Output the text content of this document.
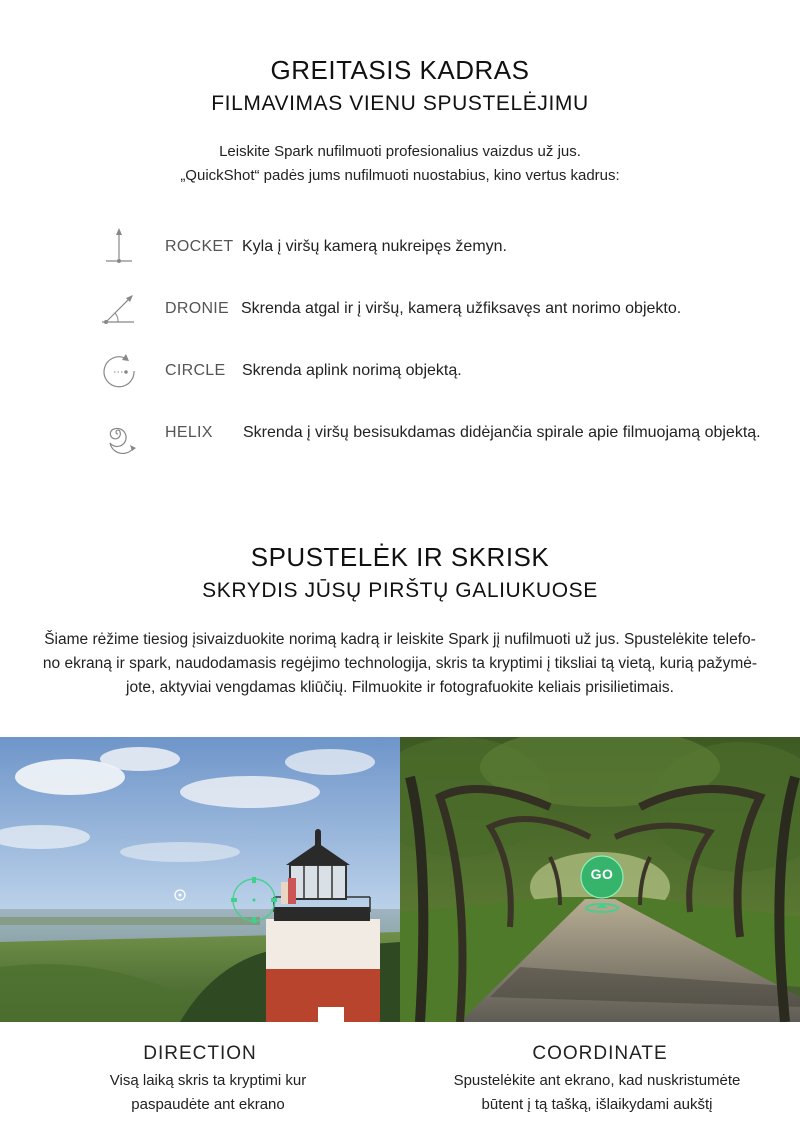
GREITASIS KADRAS
FILMAVIMAS VIENU SPUSTELĖJIMU
Leiskite Spark nufilmuoti profesionalius vaizdus už jus.
„QuickShot“ padės jums nufilmuoti nuostabius, kino vertus kadrus:
ROCKET Kyla į viršų kamerą nukreipęs žemyn.
DRONIE Skrenda atgal ir į viršų, kamerą užfiksavęs ant norimo objekto.
CIRCLE Skrenda aplink norimą objektą.
HELIX Skrenda į viršų besisukdamas didėjančia spirale apie filmuojamą objektą.
SPUSTELĖK IR SKRISK
SKRYDIS JŪSŲ PIRŠTŲ GALIUKUOSE
Šiame rėžime tiesiog įsivaizduokite norimą kadrą ir leiskite Spark jį nufilmuoti už jus. Spustelėkite telefo-
no ekraną ir spark, naudodamasis regėjimo technologija, skris ta kryptimi į tiksliai tą vietą, kurią pažymė-
jote, aktyviai vengdamas kliūčių. Filmuokite ir fotografuokite keliais prisilietimais.
GO
DIRECTION
Visą laiką skris ta kryptimi kur
paspaudėte ant ekrano
COORDINATE
Spustelėkite ant ekrano, kad nuskristumėte
būtent į tą tašką, išlaikydami aukštį
